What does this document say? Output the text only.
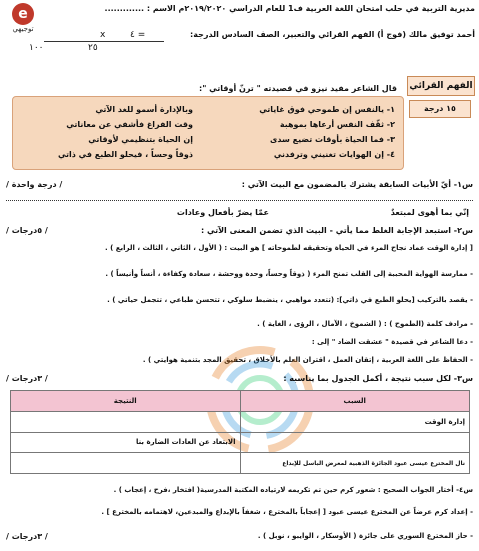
e
توجيهي
مديرية التربية في حلب امتحان اللغة العربية ف1 للعام الدراسي ٢٠١٩/٢٠٢٠م الاسم : .............
أحمد توفيق مالك (فوج أ) الفهم القرائي والتعبير، الصف السادس الدرجة:
٤ =
x
٢٥
١٠٠
الفهم القرائي
١٥ درجة
قال الشاعر مفيد نيزو في قصيدته " ترنّ أوقاتي ":
١- يالنفس إن طموحي فوق غاياتي
وبالإدارة أسمو للغد الآتي
٢- ثقّف النفس أرعاها بموهبة
وقت الفراغ فأشفي عن معاناتي
٣- فما الحياة بأوقات تضيع سدى
إن الحياة بتنظيمي لأوقاتي
٤- إن الهوايات تغنيني وترفدني
ذوقاً وحساً ، فيحلو الطبع في ذاتي
س١- أيّ الأبيات السابقة يشترك بالمضمون مع البيت الآتي :
/ درجة واحدة /
إنّي بما أهوى لمبتعدٌ
عمّا يضرّ بأفعال وعادات
س٢- استبعد الإجابة الغلط مما يأتي - البيت الذي تضمن المعنى الآتي :
/ ٥درجات /
[ إدارة الوقت عماد نجاح المرء في الحياة وتحقيقه لطموحاته ] هو البيت : ( الأول ، الثاني ، الثالث ، الرابع ) .
- ممارسة الهواية المحببة إلى القلب تمنح المرء ( ذوقاً وحساً، وحدة ووحشة ، سعادة وكفاءة ، أنساً وأنيساً ) .
- يقصد بالتركيب [يحلو الطبع في ذاتي]: (تتعدد مواهبي ، ينضبط سلوكي ، تتحسن طباعي ، تتجمل حياتي ) .
- مرادف كلمة (الطموح ) : ( الشموخ ، الآمال ، الرؤى ، الغاية ) .
- دعا الشاعر في قصيدة " عشقت الضاد " إلى :
- الحفاظ على اللغة العربية ، إتقان العمل ، اقتران العلم بالأخلاق ، تحقيق المجد بتنمية هوايتي ) .
س٣- لكل سبب نتيجة ، أكمل الجدول بما يناسبه :
/ ٣درجات /
السبب	النتيجة
إدارة الوقت	
	الابتعاد عن العادات الضارة بنا
نال المخترع عيسى عبود الجائزة الذهبية لمعرض الباسل للإبداع	
س٤- أختار الجواب الصحيح : شعور كرم حين تم تكريمه لارتياده المكتبة المدرسية( افتخار ،فرح ، إعجاب ) .
- إعداد كرم عرضاً عن المخترع عيسى عبود [ إعجاباً بالمخترع ، شغفاً بالإبداع والمبدعين، لاهتمامه بالمخترع ] .
- حاز المخترع السوري على جائزة ( الأوسكار ، الوايبو ، نوبل ) .
/ ٣درجات /
